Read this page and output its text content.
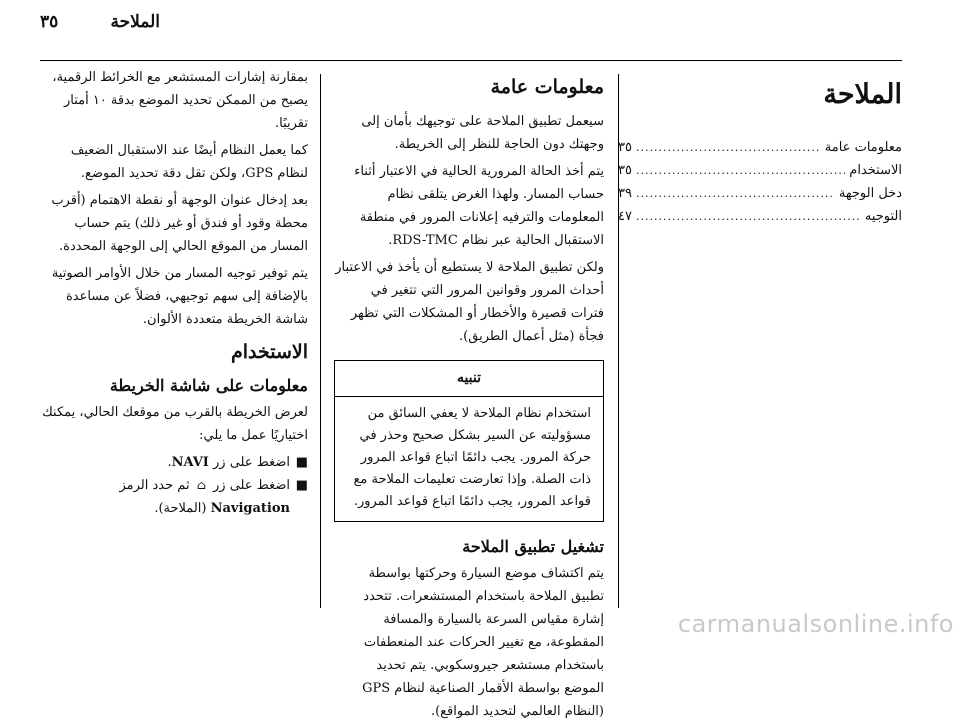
٣٥	الملاحة
الملاحة
معلومات عامة
.....
٣٥
الاستخدام
.....
٣٥
دخل الوجهة
.....
٣٩
التوجيه
.....
٤٧
معلومات عامة

سيعمل تطبيق الملاحة على توجيهك بأمان إلى وجهتك دون الحاجة للنظر إلى الخريطة.

يتم أخذ الحالة المرورية الحالية في الاعتبار أثناء حساب المسار. ولهذا الغرض يتلقى نظام المعلومات والترفيه إعلانات المرور في منطقة الاستقبال الحالية عبر نظام RDS-TMC.

ولكن تطبيق الملاحة لا يستطيع أن يأخذ في الاعتبار أحداث المرور وقوانين المرور التي تتغير في فترات قصيرة والأخطار أو المشكلات التي تظهر فجأة (مثل أعمال الطريق).

تنبيه
استخدام نظام الملاحة لا يعفي السائق من مسؤوليته عن السير بشكل صحيح وحذر في حركة المرور. يجب دائمًا اتباع قواعد المرور ذات الصلة. وإذا تعارضت تعليمات الملاحة مع قواعد المرور، يجب دائمًا اتباع قواعد المرور.
تشغيل تطبيق الملاحة

يتم اكتشاف موضع السيارة وحركتها بواسطة تطبيق الملاحة باستخدام المستشعرات. تتحدد إشارة مقياس السرعة بالسيارة والمسافة المقطوعة، مع تغيير الحركات عند المنعطفات باستخدام مستشعر جيروسكوبي. يتم تحديد الموضع بواسطة الأقمار الصناعية لنظام GPS (النظام العالمي لتحديد المواقع).

بمقارنة إشارات المستشعر مع الخرائط الرقمية، يصبح من الممكن تحديد الموضع بدقة ١٠ أمتار تقريبًا.

كما يعمل النظام أيضًا عند الاستقبال الضعيف لنظام GPS، ولكن تقل دقة تحديد الموضع.

بعد إدخال عنوان الوجهة أو نقطة الاهتمام (أقرب محطة وقود أو فندق أو غير ذلك) يتم حساب المسار من الموقع الحالي إلى الوجهة المحددة.

يتم توفير توجيه المسار من خلال الأوامر الصوتية بالإضافة إلى سهم توجيهي، فضلاً عن مساعدة شاشة الخريطة متعددة الألوان.

الاستخدام
معلومات على شاشة الخريطة

لعرض الخريطة بالقرب من موقعك الحالي، يمكنك اختياريًا عمل ما يلي:

■
اضغط على زر NAVI.
■
اضغط على زر ⌂ ثم حدد الرمز Navigation (الملاحة).
carmanualsonline.info
